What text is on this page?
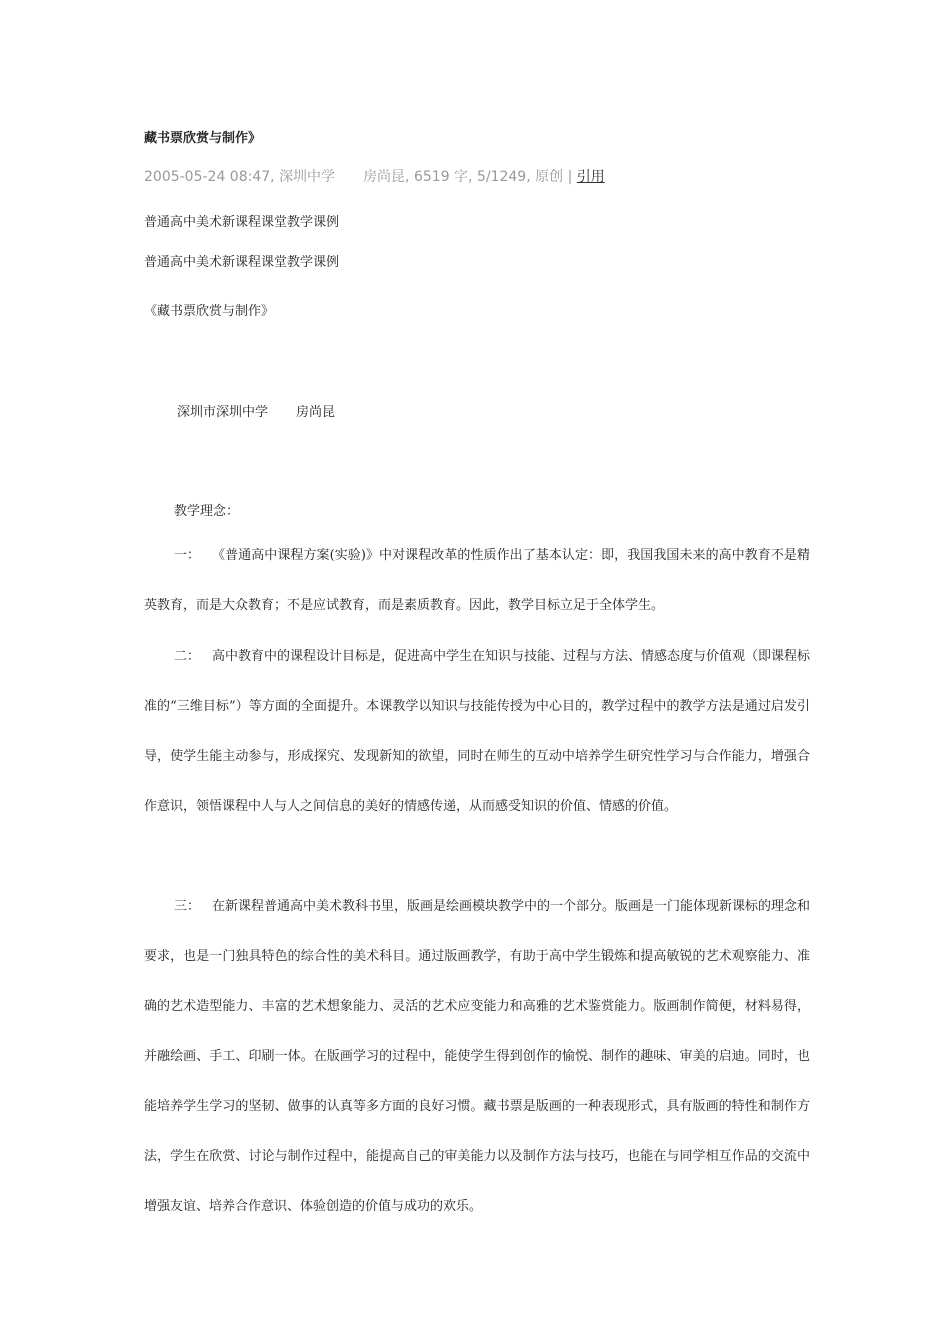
藏书票欣赏与制作》
2005-05-24 08:47, 深圳中学 房尚昆, 6519 字, 5/1249, 原创 | 引用
普通高中美术新课程课堂教学课例
普通高中美术新课程课堂教学课例
《藏书票欣赏与制作》
深圳市深圳中学 房尚昆
教学理念：
一： 《普通高中课程方案(实验)》中对课程改革的性质作出了基本认定：即，我国我国未来的高中教育不是精英教育，而是大众教育；不是应试教育，而是素质教育。因此，教学目标立足于全体学生。
二： 高中教育中的课程设计目标是，促进高中学生在知识与技能、过程与方法、情感态度与价值观（即课程标准的“三维目标”）等方面的全面提升。本课教学以知识与技能传授为中心目的，教学过程中的教学方法是通过启发引导，使学生能主动参与，形成探究、发现新知的欲望，同时在师生的互动中培养学生研究性学习与合作能力，增强合作意识，领悟课程中人与人之间信息的美好的情感传递，从而感受知识的价值、情感的价值。
三： 在新课程普通高中美术教科书里，版画是绘画模块教学中的一个部分。版画是一门能体现新课标的理念和要求，也是一门独具特色的综合性的美术科目。通过版画教学，有助于高中学生锻炼和提高敏锐的艺术观察能力、准确的艺术造型能力、丰富的艺术想象能力、灵活的艺术应变能力和高雅的艺术鉴赏能力。版画制作简便，材料易得，并融绘画、手工、印刷一体。在版画学习的过程中，能使学生得到创作的愉悦、制作的趣味、审美的启迪。同时，也能培养学生学习的坚韧、做事的认真等多方面的良好习惯。藏书票是版画的一种表现形式，具有版画的特性和制作方法，学生在欣赏、讨论与制作过程中，能提高自己的审美能力以及制作方法与技巧，也能在与同学相互作品的交流中增强友谊、培养合作意识、体验创造的价值与成功的欢乐。
